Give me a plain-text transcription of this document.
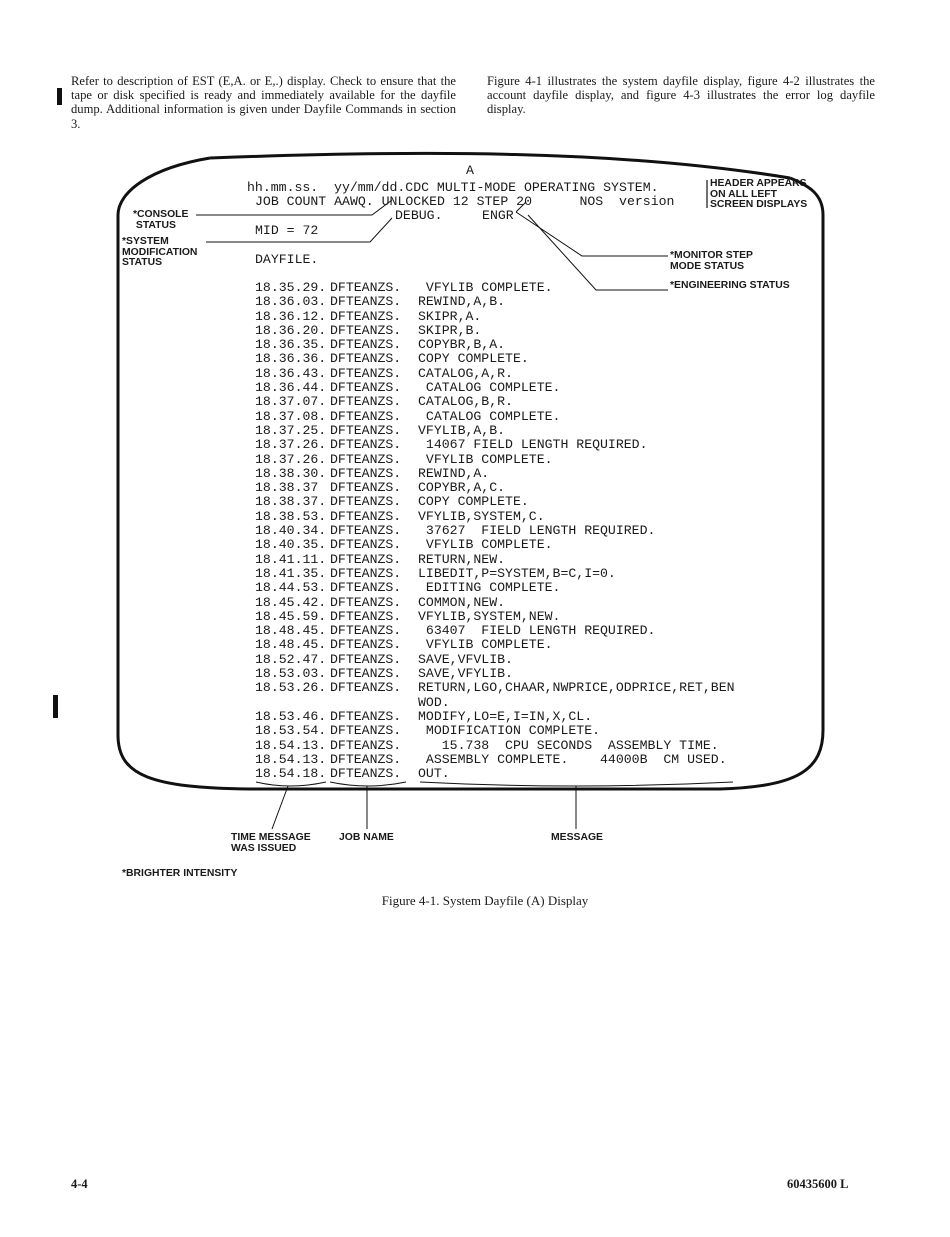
Refer to description of EST (E,A. or E,.) display. Check to ensure that the tape or disk specified is ready and immediately available for the dayfile dump. Additional information is given under Dayfile Commands in section 3.
Figure 4-1 illustrates the system dayfile display, figure 4-2 illustrates the account dayfile display, and figure 4-3 illustrates the error log dayfile display.
A
hh.mm.ss.  yy/mm/dd.CDC MULTI-MODE OPERATING SYSTEM.
JOB COUNT AAWQ. UNLOCKED 12 STEP 20      NOS  version
DEBUG.     ENGR
MID = 72
DAYFILE.
18.35.29. DFTEANZS. VFYLIB COMPLETE.
18.36.03. DFTEANZS. REWIND,A,B.
18.36.12. DFTEANZS. SKIPR,A.
18.36.20. DFTEANZS. SKIPR,B.
18.36.35. DFTEANZS. COPYBR,B,A.
18.36.36. DFTEANZS. COPY COMPLETE.
18.36.43. DFTEANZS. CATALOG,A,R.
18.36.44. DFTEANZS. CATALOG COMPLETE.
18.37.07. DFTEANZS. CATALOG,B,R.
18.37.08. DFTEANZS. CATALOG COMPLETE.
18.37.25. DFTEANZS. VFYLIB,A,B.
18.37.26. DFTEANZS. 14067 FIELD LENGTH REQUIRED.
18.37.26. DFTEANZS. VFYLIB COMPLETE.
18.38.30. DFTEANZS. REWIND,A.
18.38.37 DFTEANZS. COPYBR,A,C.
18.38.37. DFTEANZS. COPY COMPLETE.
18.38.53. DFTEANZS. VFYLIB,SYSTEM,C.
18.40.34. DFTEANZS. 37627  FIELD LENGTH REQUIRED.
18.40.35. DFTEANZS. VFYLIB COMPLETE.
18.41.11. DFTEANZS. RETURN,NEW.
18.41.35. DFTEANZS. LIBEDIT,P=SYSTEM,B=C,I=0.
18.44.53. DFTEANZS. EDITING COMPLETE.
18.45.42. DFTEANZS. COMMON,NEW.
18.45.59. DFTEANZS. VFYLIB,SYSTEM,NEW.
18.48.45. DFTEANZS. 63407  FIELD LENGTH REQUIRED.
18.48.45. DFTEANZS. VFYLIB COMPLETE.
18.52.47. DFTEANZS. SAVE,VFVLIB.
18.53.03. DFTEANZS. SAVE,VFYLIB.
18.53.26. DFTEANZS. RETURN,LGO,CHAAR,NWPRICE,ODPRICE,RET,BEN
WOD.
18.53.46. DFTEANZS. MODIFY,LO=E,I=IN,X,CL.
18.53.54. DFTEANZS. MODIFICATION COMPLETE.
18.54.13. DFTEANZS.   15.738  CPU SECONDS  ASSEMBLY TIME.
18.54.13. DFTEANZS. ASSEMBLY COMPLETE.    44000B  CM USED.
18.54.18. DFTEANZS. OUT.
HEADER APPEARS
ON ALL LEFT
SCREEN DISPLAYS
*CONSOLE
STATUS
*SYSTEM
MODIFICATION
STATUS
*MONITOR STEP
MODE STATUS
*ENGINEERING STATUS
TIME MESSAGE
WAS ISSUED
JOB NAME	MESSAGE
*BRIGHTER INTENSITY
Figure 4-1. System Dayfile (A) Display
4-4	60435600 L
